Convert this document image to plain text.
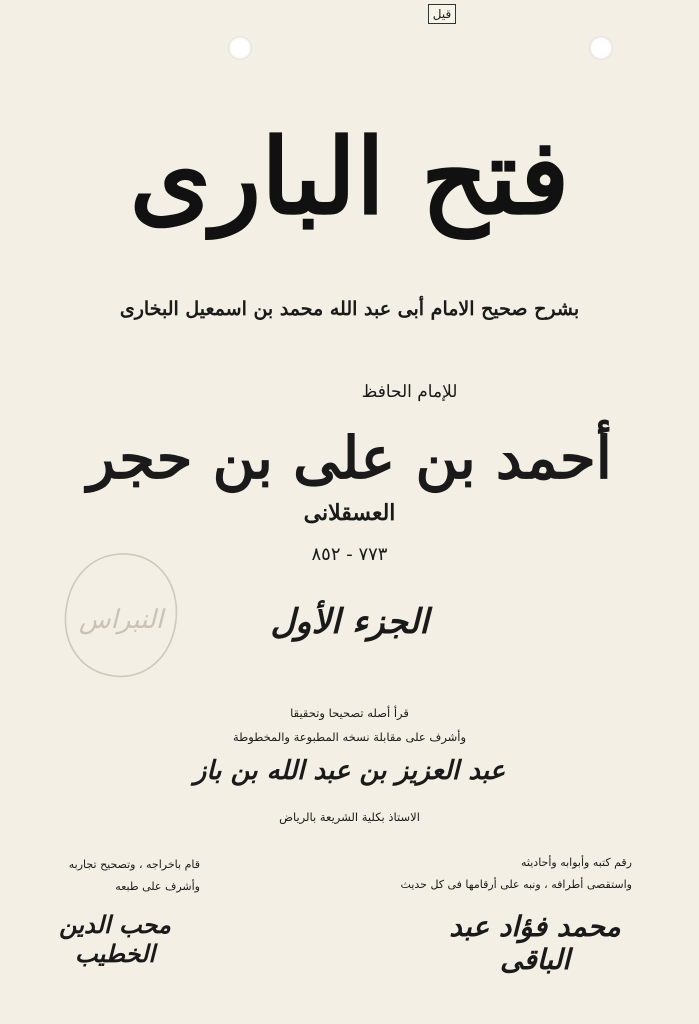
قيل
فتح البارى
بشرح صحيح الامام أبى عبد الله محمد بن اسمعيل البخارى
للإمام الحافظ
أحمد بن على بن حجر
العسقلانى
٧٧٣ - ٨٥٢
النبراس	الجزء الأول
قرأ أصله تصحيحا وتحقيقا
وأشرف على مقابلة نسخه المطبوعة والمخطوطة
عبد العزيز بن عبد الله بن باز
الاستاذ بكلية الشريعة بالرياض
قام باخراجه ، وتصحيح تجاربه
وأشرف على طبعه
محب الدين الخطيب
رقم كتبه وأبوابه وأحاديثه
واستقصى أطرافه ، ونبه على أرقامها فى كل حديث
محمد فؤاد عبد الباقى
